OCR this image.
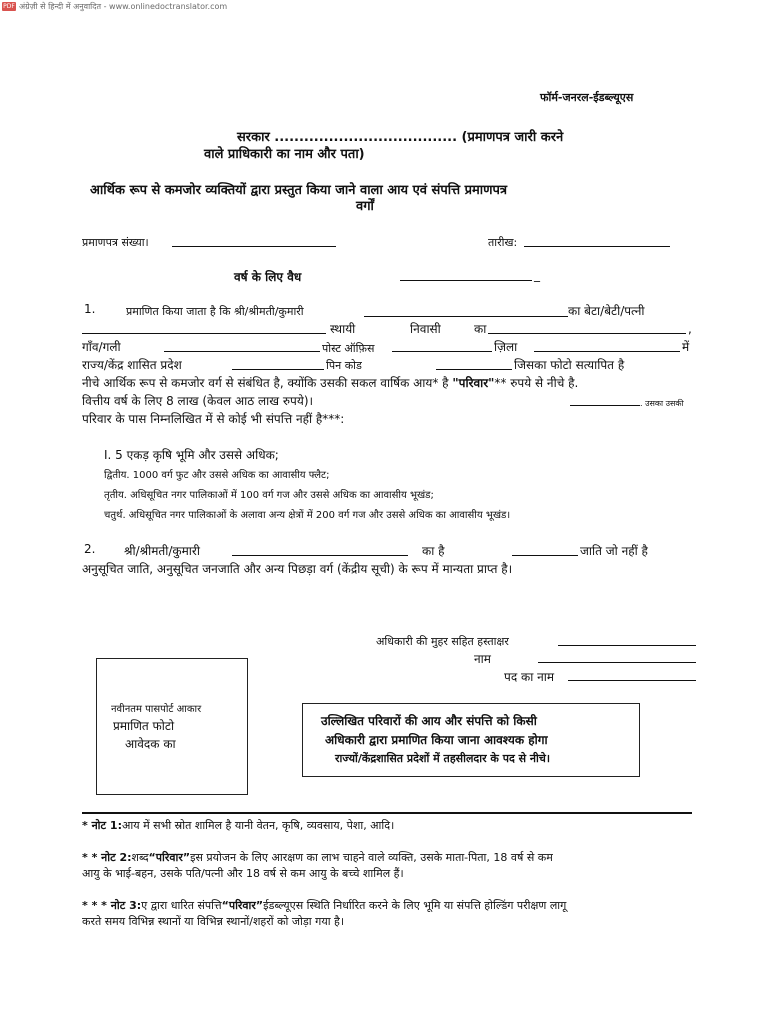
PDF अंग्रेज़ी से हिन्दी में अनुवादित - www.onlinedoctranslator.com
फॉर्म-जनरल-ईडब्ल्यूएस
सरकार ..................................... (प्रमाणपत्र जारी करने
वाले प्राधिकारी का नाम और पता)
आर्थिक रूप से कमजोर व्यक्तियों द्वारा प्रस्तुत किया जाने वाला आय एवं संपत्ति प्रमाणपत्र
वर्गों
प्रमाणपत्र संख्या।	तारीख:
वर्ष के लिए वैध	_
1.	प्रमाणित किया जाता है कि श्री/श्रीमती/कुमारी	का बेटा/बेटी/पत्नी
स्थायी	निवासी	का	,
गाँव/गली	पोस्ट ऑफ़िस	ज़िला	में
राज्य/केंद्र शासित प्रदेश	पिन कोड	जिसका फोटो सत्यापित है
नीचे आर्थिक रूप से कमजोर वर्ग से संबंधित है, क्योंकि उसकी सकल वार्षिक आय* है "परिवार"** रुपये से नीचे है.
वित्तीय वर्ष के लिए 8 लाख (केवल आठ लाख रुपये)।	. उसका उसकी
परिवार के पास निम्नलिखित में से कोई भी संपत्ति नहीं है***:
I. 5 एकड़ कृषि भूमि और उससे अधिक;
द्वितीय. 1000 वर्ग फुट और उससे अधिक का आवासीय फ्लैट;
तृतीय. अधिसूचित नगर पालिकाओं में 100 वर्ग गज और उससे अधिक का आवासीय भूखंड;
चतुर्थ. अधिसूचित नगर पालिकाओं के अलावा अन्य क्षेत्रों में 200 वर्ग गज और उससे अधिक का आवासीय भूखंड।
2. श्री/श्रीमती/कुमारी	का है	जाति जो नहीं है
अनुसूचित जाति, अनुसूचित जनजाति और अन्य पिछड़ा वर्ग (केंद्रीय सूची) के रूप में मान्यता प्राप्त है।
अधिकारी की मुहर सहित हस्ताक्षर
नाम
पद का नाम
नवीनतम पासपोर्ट आकार
प्रमाणित फोटो
आवेदक का
उल्लिखित परिवारों की आय और संपत्ति को किसी
अधिकारी द्वारा प्रमाणित किया जाना आवश्यक होगा
राज्यों/केंद्रशासित प्रदेशों में तहसीलदार के पद से नीचे।
* नोट 1:आय में सभी स्रोत शामिल है यानी वेतन, कृषि, व्यवसाय, पेशा, आदि।
* * नोट 2:शब्द“परिवार”इस प्रयोजन के लिए आरक्षण का लाभ चाहने वाले व्यक्ति, उसके माता-पिता, 18 वर्ष से कम
आयु के भाई-बहन, उसके पति/पत्नी और 18 वर्ष से कम आयु के बच्चे शामिल हैं।
* * * नोट 3:ए द्वारा धारित संपत्ति“परिवार”ईडब्ल्यूएस स्थिति निर्धारित करने के लिए भूमि या संपत्ति होल्डिंग परीक्षण लागू
करते समय विभिन्न स्थानों या विभिन्न स्थानों/शहरों को जोड़ा गया है।
